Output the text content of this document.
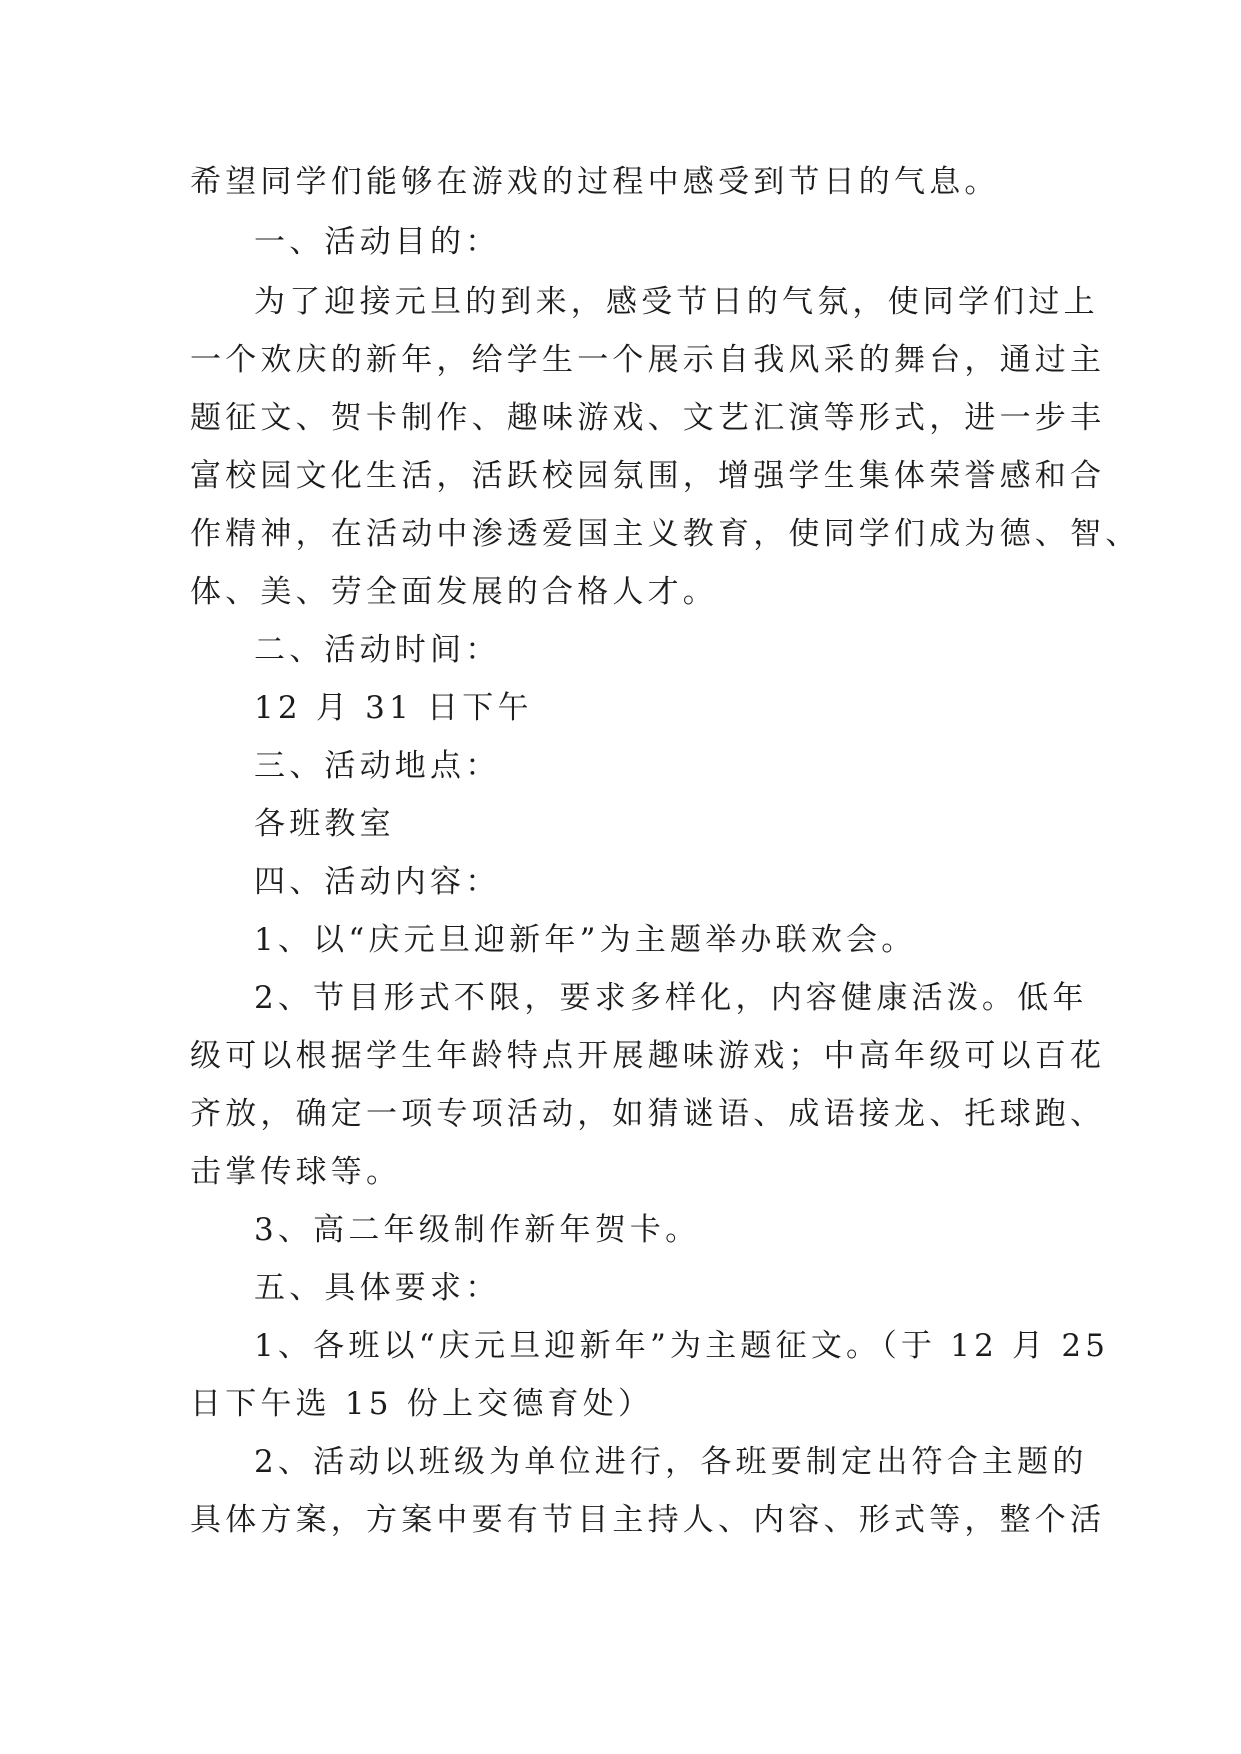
希望同学们能够在游戏的过程中感受到节日的气息。
一、活动目的：
为了迎接元旦的到来，感受节日的气氛，使同学们过上
一个欢庆的新年，给学生一个展示自我风采的舞台，通过主
题征文、贺卡制作、趣味游戏、文艺汇演等形式，进一步丰
富校园文化生活，活跃校园氛围，增强学生集体荣誉感和合
作精神，在活动中渗透爱国主义教育，使同学们成为德、智、
体、美、劳全面发展的合格人才。
二、活动时间：
12 月 31 日下午
三、活动地点：
各班教室
四、活动内容：
1、以“庆元旦迎新年”为主题举办联欢会。
2、节目形式不限，要求多样化，内容健康活泼。低年
级可以根据学生年龄特点开展趣味游戏；中高年级可以百花
齐放，确定一项专项活动，如猜谜语、成语接龙、托球跑、
击掌传球等。
3、高二年级制作新年贺卡。
五、具体要求：
1、各班以“庆元旦迎新年”为主题征文。（于 12 月 25
日下午选 15 份上交德育处）
2、活动以班级为单位进行，各班要制定出符合主题的
具体方案，方案中要有节目主持人、内容、形式等，整个活
